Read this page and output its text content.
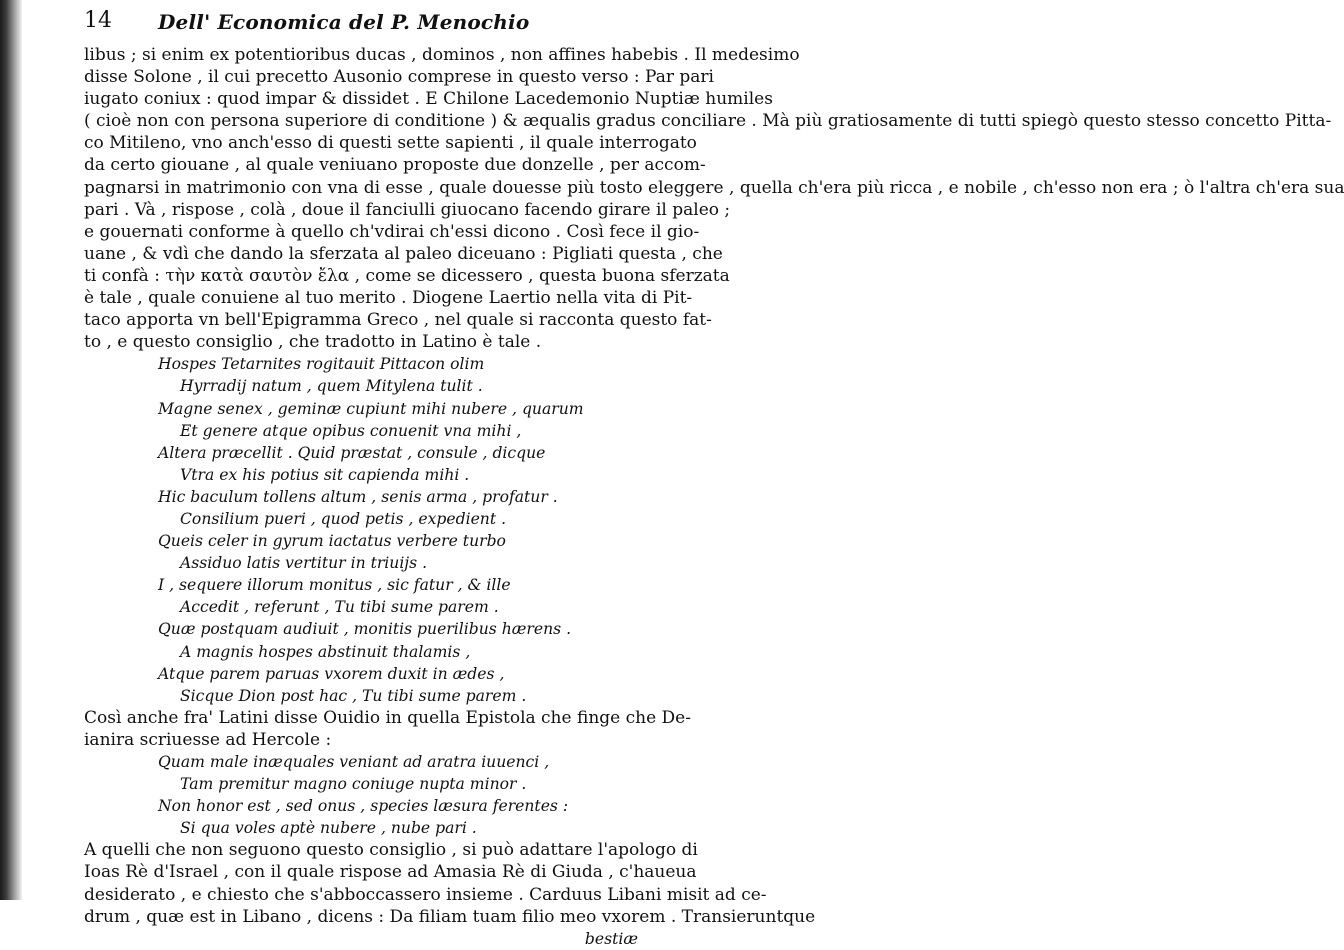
14 Dell' Economica del P. Menochio
libus ; si enim ex potentioribus ducas , dominos , non affines habebis . Il medesimo
disse Solone , il cui precetto Ausonio comprese in questo verso : Par pari
iugato coniux : quod impar & dissidet . E Chilone Lacedemonio Nuptiæ humiles
( cioè non con persona superiore di conditione ) & æqualis gradus conciliare . Mà più gratiosamente di tutti spiegò questo stesso concetto Pitta-
co Mitileno, vno anch'esso di questi sette sapienti , il quale interrogato
da certo giouane , al quale veniuano proposte due donzelle , per accom-
pagnarsi in matrimonio con vna di esse , quale douesse più tosto eleggere , quella ch'era più ricca , e nobile , ch'esso non era ; ò l'altra ch'era sua
pari . Và , rispose , colà , doue il fanciulli giuocano facendo girare il paleo ;
e gouernati conforme à quello ch'vdirai ch'essi dicono . Così fece il gio-
uane , & vdì che dando la sferzata al paleo diceuano : Pigliati questa , che
ti confà : τὴν κατὰ σαυτὸν ἔλα , come se dicessero , questa buona sferzata
è tale , quale conuiene al tuo merito . Diogene Laertio nella vita di Pit-
taco apporta vn bell'Epigramma Greco , nel quale si racconta questo fat-
to , e questo consiglio , che tradotto in Latino è tale .
Hospes Tetarnites rogitauit Pittacon olim
Hyrradij natum , quem Mitylena tulit .
Magne senex , geminæ cupiunt mihi nubere , quarum
Et genere atque opibus conuenit vna mihi ,
Altera præcellit . Quid præstat , consule , dicque
Vtra ex his potius sit capienda mihi .
Hic baculum tollens altum , senis arma , profatur .
Consilium pueri , quod petis , expedient .
Queis celer in gyrum iactatus verbere turbo
Assiduo latis vertitur in triuijs .
I , sequere illorum monitus , sic fatur , & ille
Accedit , referunt , Tu tibi sume parem .
Quæ postquam audiuit , monitis puerilibus hærens .
A magnis hospes abstinuit thalamis ,
Atque parem paruas vxorem duxit in ædes ,
Sicque Dion post hac , Tu tibi sume parem .
Così anche fra' Latini disse Ouidio in quella Epistola che finge che De-
ianira scriuesse ad Hercole :
Quam male inæquales veniant ad aratra iuuenci ,
Tam premitur magno coniuge nupta minor .
Non honor est , sed onus , species læsura ferentes :
Si qua voles aptè nubere , nube pari .
A quelli che non seguono questo consiglio , si può adattare l'apologo di
Ioas Rè d'Israel , con il quale rispose ad Amasia Rè di Giuda , c'haueua
desiderato , e chiesto che s'abboccassero insieme . Carduus Libani misit ad ce-
drum , quæ est in Libano , dicens : Da filiam tuam filio meo vxorem . Transieruntque
bestiæ
